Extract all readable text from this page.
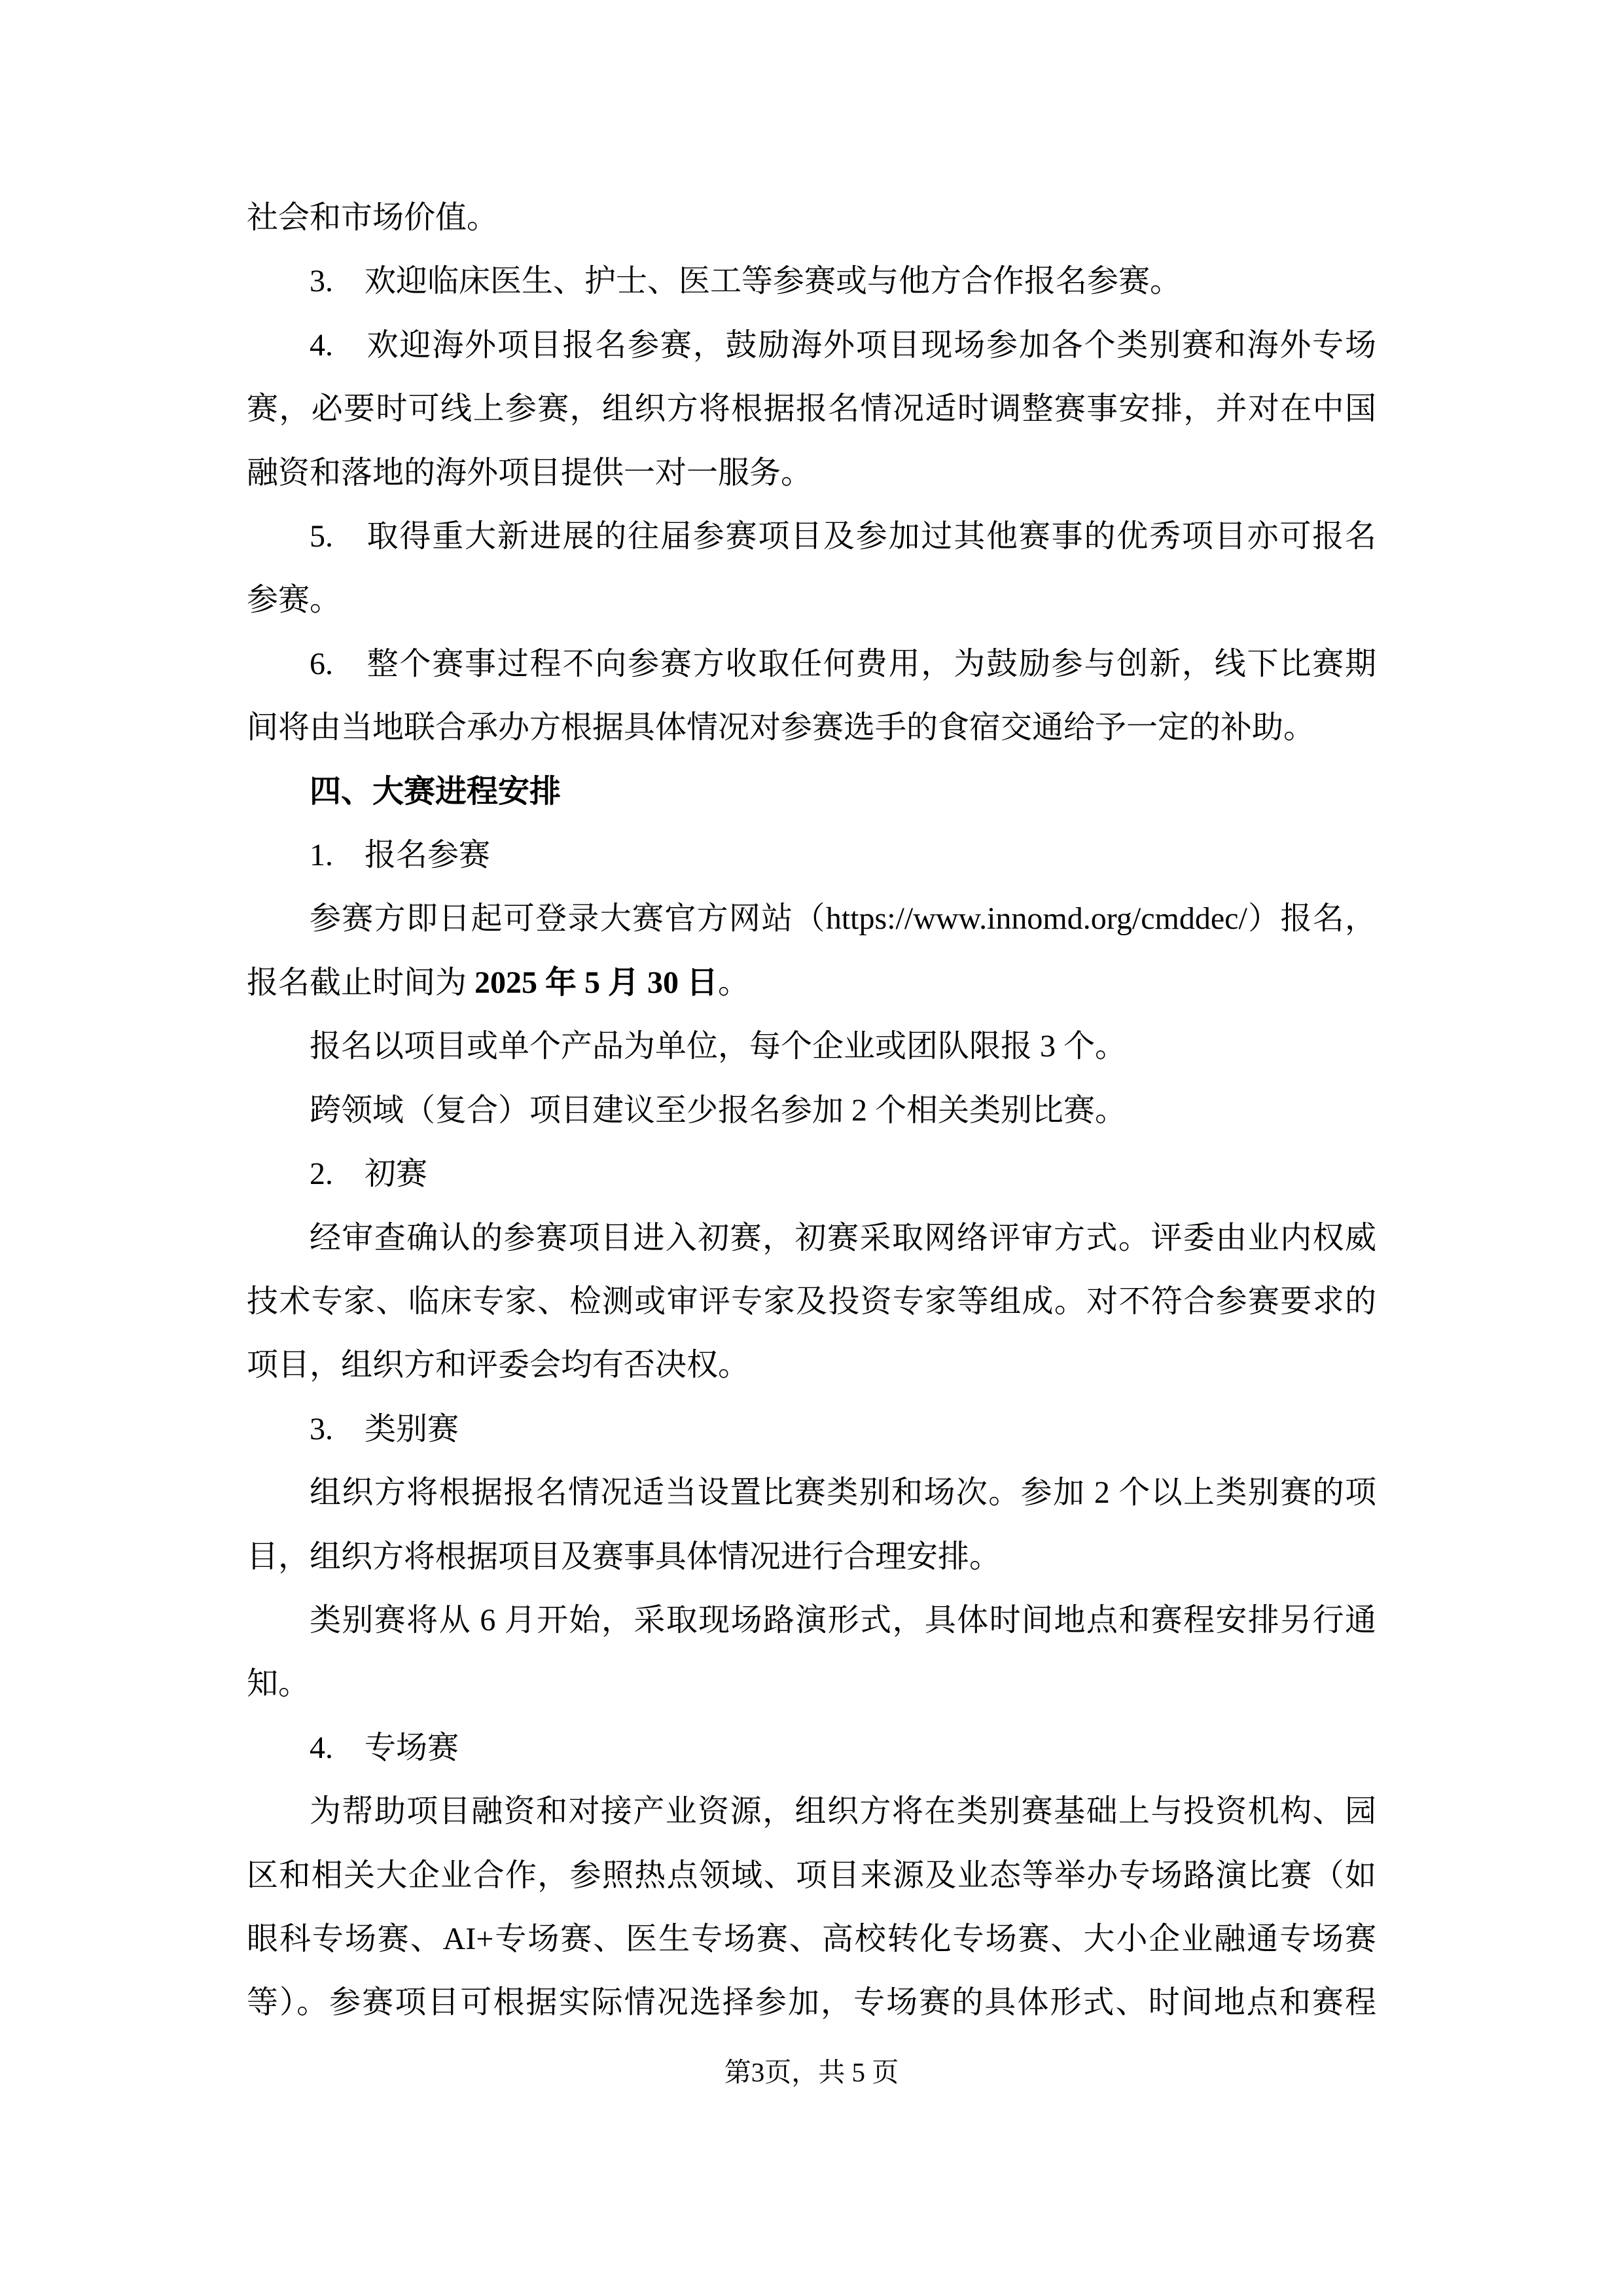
社会和市场价值。
3.　欢迎临床医生、护士、医工等参赛或与他方合作报名参赛。
4.　欢迎海外项目报名参赛，鼓励海外项目现场参加各个类别赛和海外专场
赛，必要时可线上参赛，组织方将根据报名情况适时调整赛事安排，并对在中国
融资和落地的海外项目提供一对一服务。
5.　取得重大新进展的往届参赛项目及参加过其他赛事的优秀项目亦可报名
参赛。
6.　整个赛事过程不向参赛方收取任何费用，为鼓励参与创新，线下比赛期
间将由当地联合承办方根据具体情况对参赛选手的食宿交通给予一定的补助。
四、大赛进程安排
1.　报名参赛
参赛方即日起可登录大赛官方网站（https://www.innomd.org/cmddec/）报名，
报名截止时间为 2025 年 5 月 30 日。
报名以项目或单个产品为单位，每个企业或团队限报 3 个。
跨领域（复合）项目建议至少报名参加 2 个相关类别比赛。
2.　初赛
经审查确认的参赛项目进入初赛，初赛采取网络评审方式。评委由业内权威
技术专家、临床专家、检测或审评专家及投资专家等组成。对不符合参赛要求的
项目，组织方和评委会均有否决权。
3.　类别赛
组织方将根据报名情况适当设置比赛类别和场次。参加 2 个以上类别赛的项
目，组织方将根据项目及赛事具体情况进行合理安排。
类别赛将从 6 月开始，采取现场路演形式，具体时间地点和赛程安排另行通
知。
4.　专场赛
为帮助项目融资和对接产业资源，组织方将在类别赛基础上与投资机构、园
区和相关大企业合作，参照热点领域、项目来源及业态等举办专场路演比赛（如
眼科专场赛、AI+专场赛、医生专场赛、高校转化专场赛、大小企业融通专场赛
等）。参赛项目可根据实际情况选择参加，专场赛的具体形式、时间地点和赛程
第3页，共 5 页
